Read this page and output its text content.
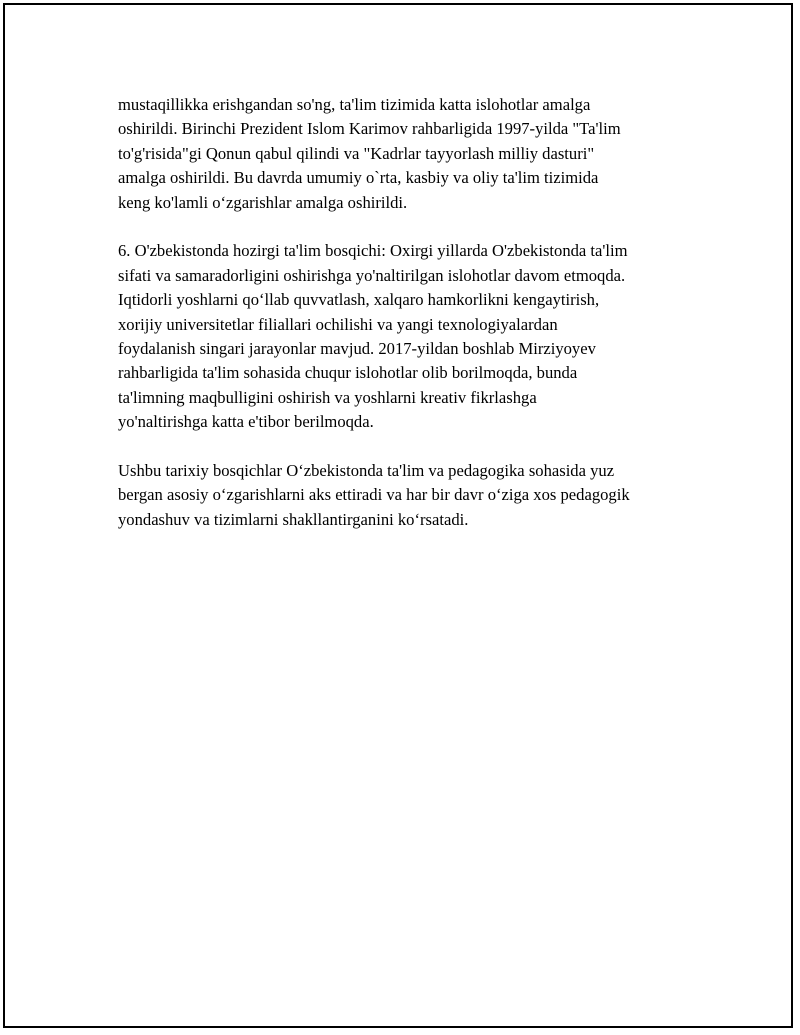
mustaqillikka erishgandan so'ng, ta'lim tizimida katta islohotlar amalga
oshirildi. Birinchi Prezident Islom Karimov rahbarligida 1997-yilda "Ta'lim
to'g'risida"gi Qonun qabul qilindi va "Kadrlar tayyorlash milliy dasturi"
amalga oshirildi. Bu davrda umumiy o`rta, kasbiy va oliy ta'lim tizimida
keng ko'lamli o‘zgarishlar amalga oshirildi.

6. O'zbekistonda hozirgi ta'lim bosqichi: Oxirgi yillarda O'zbekistonda ta'lim
sifati va samaradorligini oshirishga yo'naltirilgan islohotlar davom etmoqda.
Iqtidorli yoshlarni qo‘llab quvvatlash, xalqaro hamkorlikni kengaytirish,
xorijiy universitetlar filiallari ochilishi va yangi texnologiyalardan
foydalanish singari jarayonlar mavjud. 2017-yildan boshlab Mirziyoyev
rahbarligida ta'lim sohasida chuqur islohotlar olib borilmoqda, bunda
ta'limning maqbulligini oshirish va yoshlarni kreativ fikrlashga
yo'naltirishga katta e'tibor berilmoqda.

Ushbu tarixiy bosqichlar O‘zbekistonda ta'lim va pedagogika sohasida yuz
bergan asosiy o‘zgarishlarni aks ettiradi va har bir davr o‘ziga xos pedagogik
yondashuv va tizimlarni shakllantirganini ko‘rsatadi.
